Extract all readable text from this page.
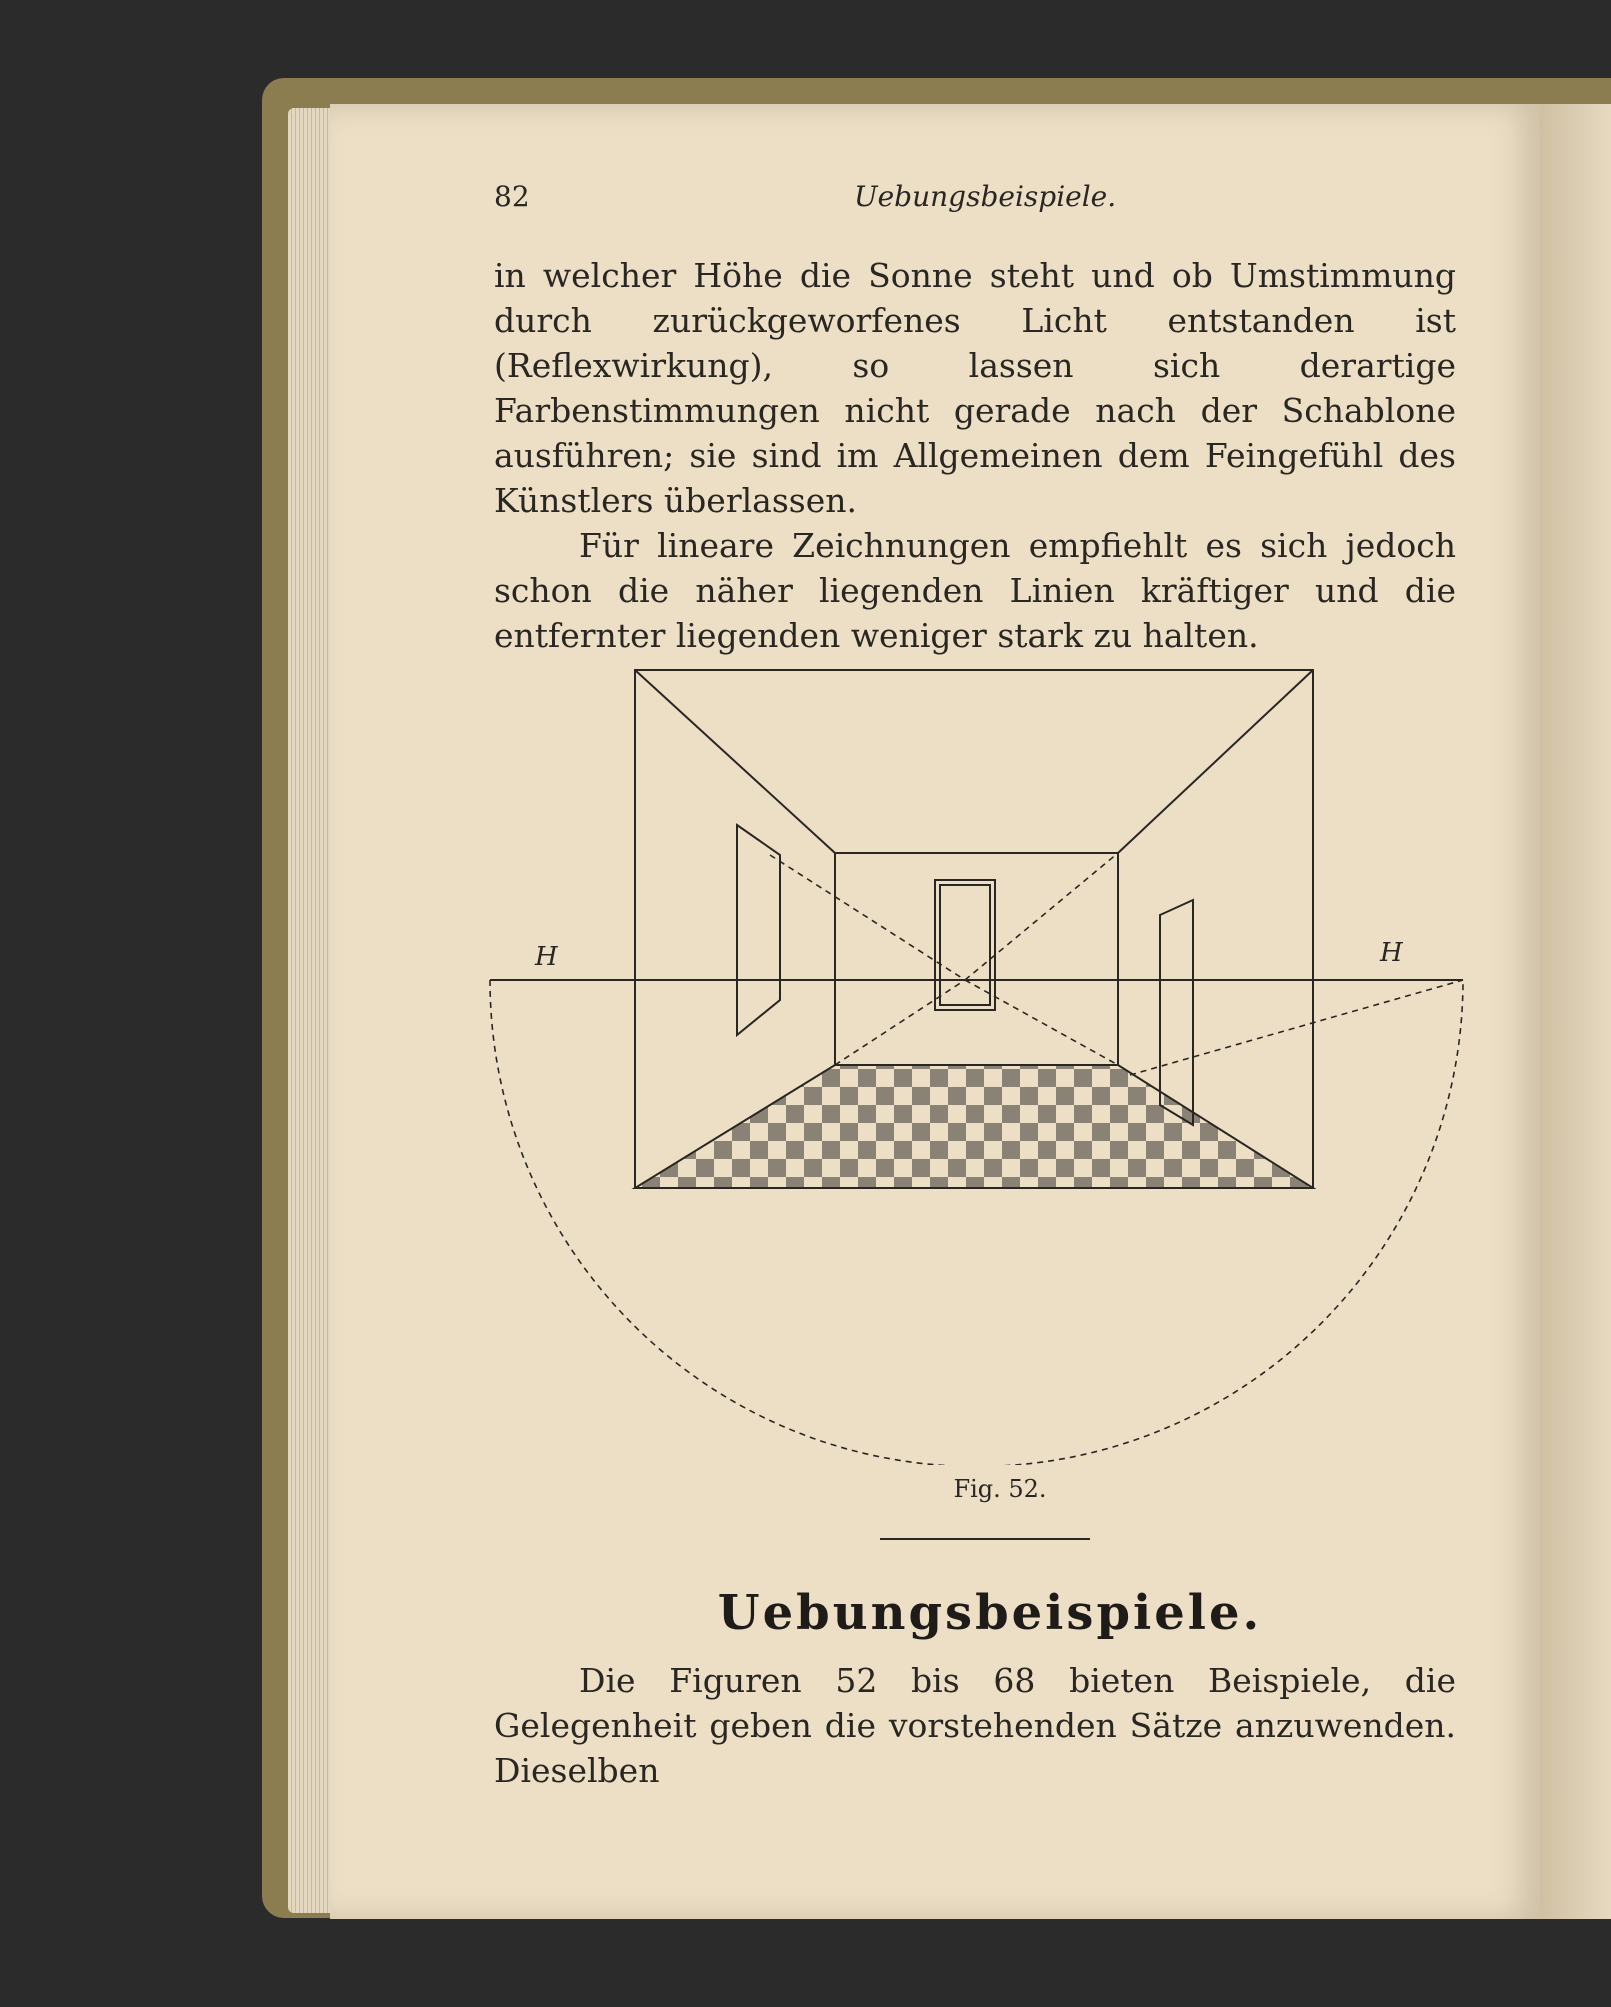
82	Uebungsbeispiele.

in welcher Höhe die Sonne steht und ob Umstimmung durch zurückgeworfenes Licht entstanden ist (Reflexwirkung), so lassen sich derartige Farbenstimmungen nicht gerade nach der Schablone ausführen; sie sind im Allgemeinen dem Feingefühl des Künstlers überlassen.

Für lineare Zeichnungen empfiehlt es sich jedoch schon die näher liegenden Linien kräftiger und die entfernter liegenden weniger stark zu halten.

H	H
Fig. 52.
Uebungsbeispiele.

Die Figuren 52 bis 68 bieten Beispiele, die Gelegenheit geben die vorstehenden Sätze anzuwenden. Dieselben
